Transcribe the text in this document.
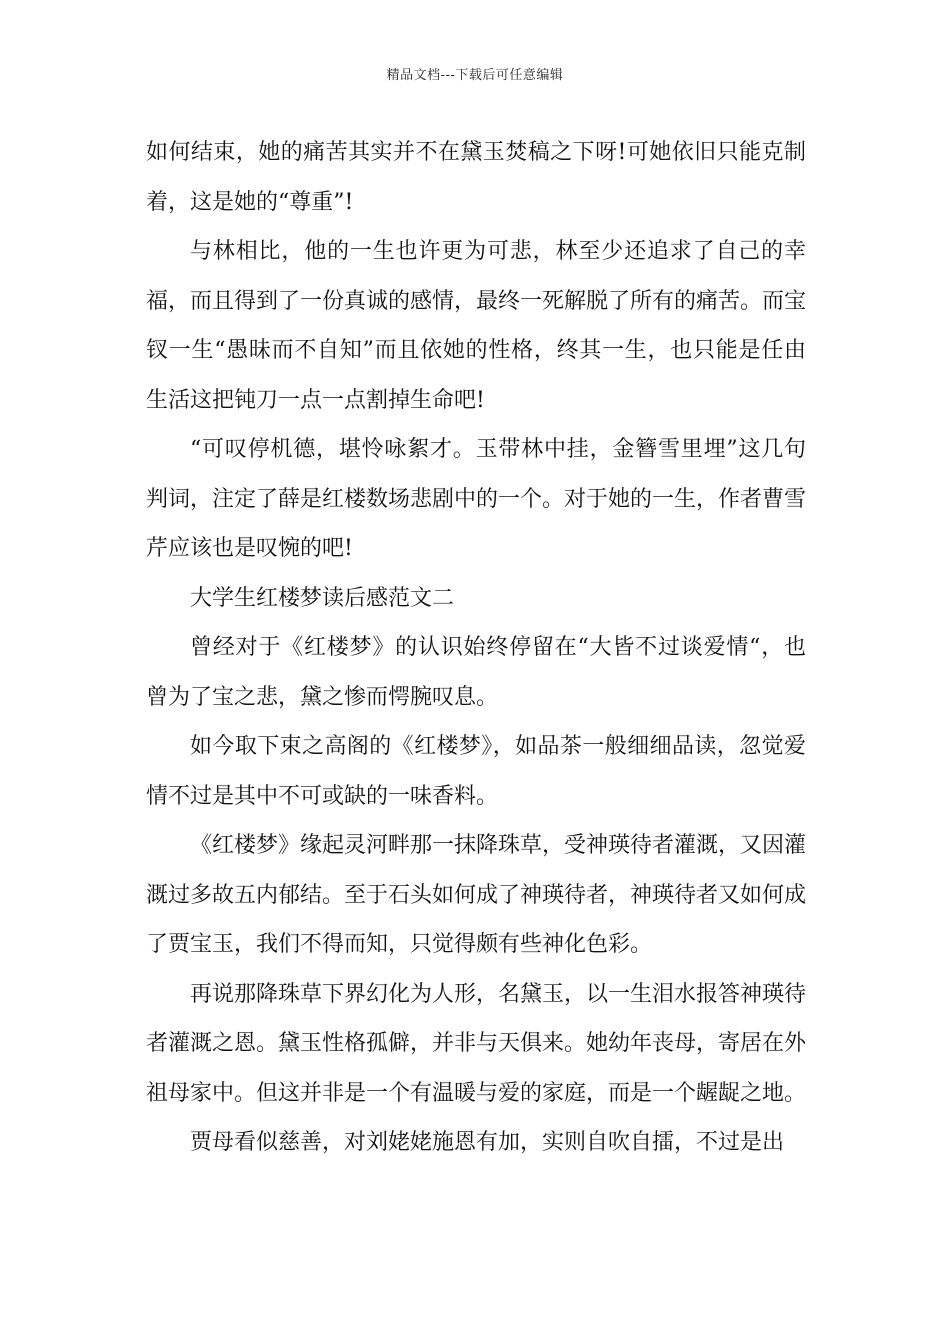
精品文档---下载后可任意编辑

如何结束，她的痛苦其实并不在黛玉焚稿之下呀!可她依旧只能克制着，这是她的“尊重”!

与林相比，他的一生也许更为可悲，林至少还追求了自己的幸福，而且得到了一份真诚的感情，最终一死解脱了所有的痛苦。而宝钗一生“愚昧而不自知”而且依她的性格，终其一生，也只能是任由生活这把钝刀一点一点割掉生命吧!

“可叹停机德，堪怜咏絮才。玉带林中挂，金簪雪里埋”这几句判词，注定了薛是红楼数场悲剧中的一个。对于她的一生，作者曹雪芹应该也是叹惋的吧!

大学生红楼梦读后感范文二

曾经对于《红楼梦》的认识始终停留在“大皆不过谈爱情“，也曾为了宝之悲，黛之惨而愕腕叹息。

如今取下束之高阁的《红楼梦》，如品茶一般细细品读，忽觉爱情不过是其中不可或缺的一味香料。

《红楼梦》缘起灵河畔那一抹降珠草，受神瑛待者灌溉，又因灌溉过多故五内郁结。至于石头如何成了神瑛待者，神瑛待者又如何成了贾宝玉，我们不得而知，只觉得颇有些神化色彩。

再说那降珠草下界幻化为人形，名黛玉，以一生泪水报答神瑛待者灌溉之恩。黛玉性格孤僻，并非与天俱来。她幼年丧母，寄居在外祖母家中。但这并非是一个有温暖与爱的家庭，而是一个龌龊之地。

贾母看似慈善，对刘姥姥施恩有加，实则自吹自擂，不过是出
